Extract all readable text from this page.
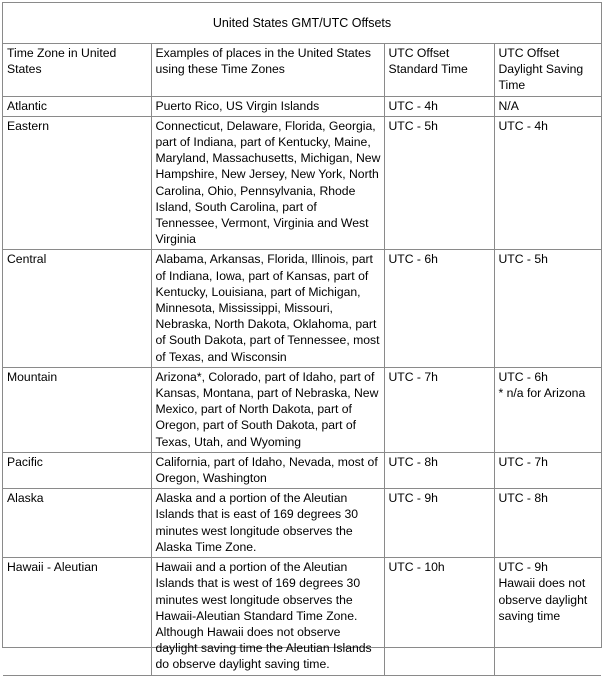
United States GMT/UTC Offsets
Time Zone in United States	Examples of places in the United States using these Time Zones	UTC Offset Standard Time	UTC Offset Daylight Saving Time
Atlantic	Puerto Rico, US Virgin Islands	UTC - 4h	N/A
Eastern	Connecticut, Delaware, Florida, Georgia, part of Indiana, part of Kentucky, Maine, Maryland, Massachusetts, Michigan, New Hampshire, New Jersey, New York, North Carolina, Ohio, Pennsylvania, Rhode Island, South Carolina, part of Tennessee, Vermont, Virginia and West Virginia	UTC - 5h	UTC - 4h
Central	Alabama, Arkansas, Florida, Illinois, part of Indiana, Iowa, part of Kansas, part of Kentucky, Louisiana, part of Michigan, Minnesota, Mississippi, Missouri, Nebraska, North Dakota, Oklahoma, part of South Dakota, part of Tennessee, most of Texas, and Wisconsin	UTC - 6h	UTC - 5h
Mountain	Arizona*, Colorado, part of Idaho, part of Kansas, Montana, part of Nebraska, New Mexico, part of North Dakota, part of Oregon, part of South Dakota, part of Texas, Utah, and Wyoming	UTC - 7h	UTC - 6h
* n/a for Arizona

Pacific	California, part of Idaho, Nevada, most of Oregon, Washington	UTC - 8h	UTC - 7h
Alaska	Alaska and a portion of the Aleutian Islands that is east of 169 degrees 30 minutes west longitude observes the Alaska Time Zone.	UTC - 9h	UTC - 8h
Hawaii - Aleutian	Hawaii and a portion of the Aleutian Islands that is west of 169 degrees 30 minutes west longitude observes the Hawaii-Aleutian Standard Time Zone. Although Hawaii does not observe daylight saving time the Aleutian Islands do observe daylight saving time.	UTC - 10h	UTC - 9h
Hawaii does not observe daylight saving time
